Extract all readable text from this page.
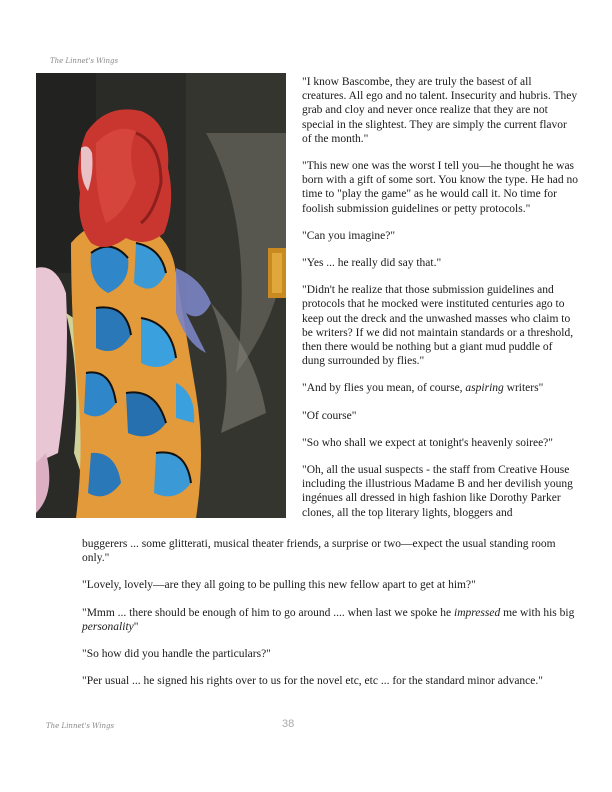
The Linnet's Wings

"I know Bascombe, they are truly the basest of all creatures. All ego and no talent. Insecurity and hubris. They grab and cloy and never once realize that they are not special in the slightest. They are simply the current flavor of the month."

"This new one was the worst I tell you—he thought he was born with a gift of some sort. You know the type. He had no time to "play the game" as he would call it. No time for foolish submission guidelines or petty protocols."

"Can you imagine?"

"Yes ... he really did say that."

"Didn't he realize that those submission guidelines and protocols that he mocked were instituted centuries ago to keep out the dreck and the unwashed masses who claim to be writers? If we did not maintain standards or a threshold, then there would be nothing but a giant mud puddle of dung surrounded by flies."

"And by flies you mean, of course, aspiring writers"

"Of course"

"So who shall we expect at tonight's heavenly soiree?"

"Oh, all the usual suspects - the staff from Creative House including the illustrious Madame B and her devilish young ingénues all dressed in high fashion like Dorothy Parker clones, all the top literary lights, bloggers and

buggerers ... some glitterati, musical theater friends, a surprise or two—expect the usual standing room only."

"Lovely, lovely—are they all going to be pulling this new fellow apart to get at him?"

"Mmm ... there should be enough of him to go around .... when last we spoke he impressed me with his big personality"

"So how did you handle the particulars?"

"Per usual ... he signed his rights over to us for the novel etc, etc ... for the standard minor advance."

The Linnet's Wings	38
